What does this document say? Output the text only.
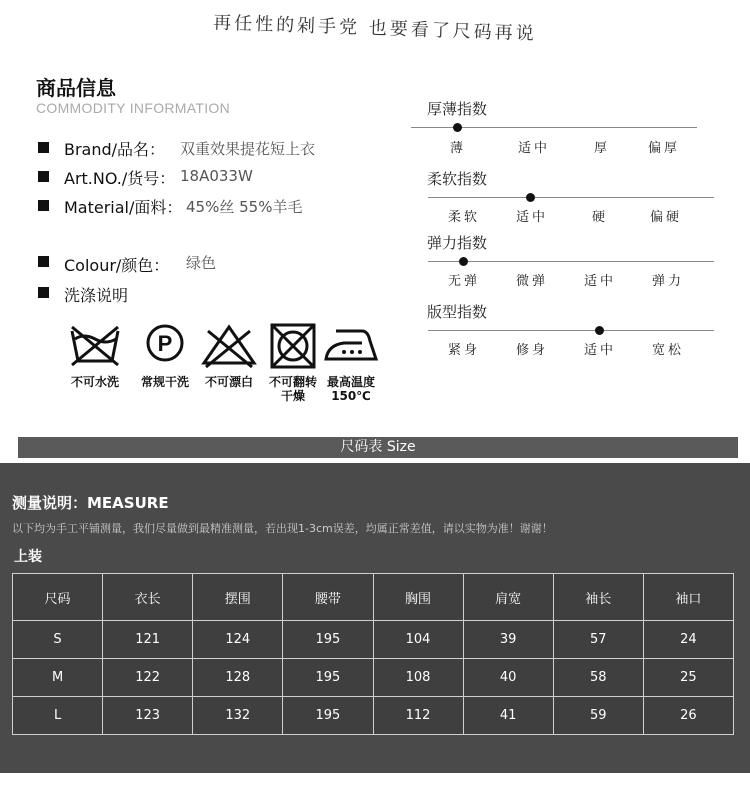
再任性的剁手党 也要看了尺码再说
商品信息
COMMODITY INFORMATION
Brand/品名： 双重效果提花短上衣
Art.NO./货号： 18A033W
Material/面料： 45%丝 55%羊毛
Colour/颜色： 绿色
洗涤说明
P
不可水洗	常规干洗	不可漂白	不可翻转
干燥
最高温度
150℃
厚薄指数
薄	适中	厚	偏厚
柔软指数
柔软	适中	硬	偏硬
弹力指数
无弹	微弹	适中	弹力
版型指数
紧身	修身	适中	宽松
尺码表 Size
测量说明：MEASURE
以下均为手工平铺测量，我们尽量做到最精准测量，若出现1-3cm误差，均属正常差值，请以实物为准！谢谢！
上装
尺码	衣长	摆围	腰带	胸围	肩宽	袖长	袖口
S	121	124	195	104	39	57	24
M	122	128	195	108	40	58	25
L	123	132	195	112	41	59	26
